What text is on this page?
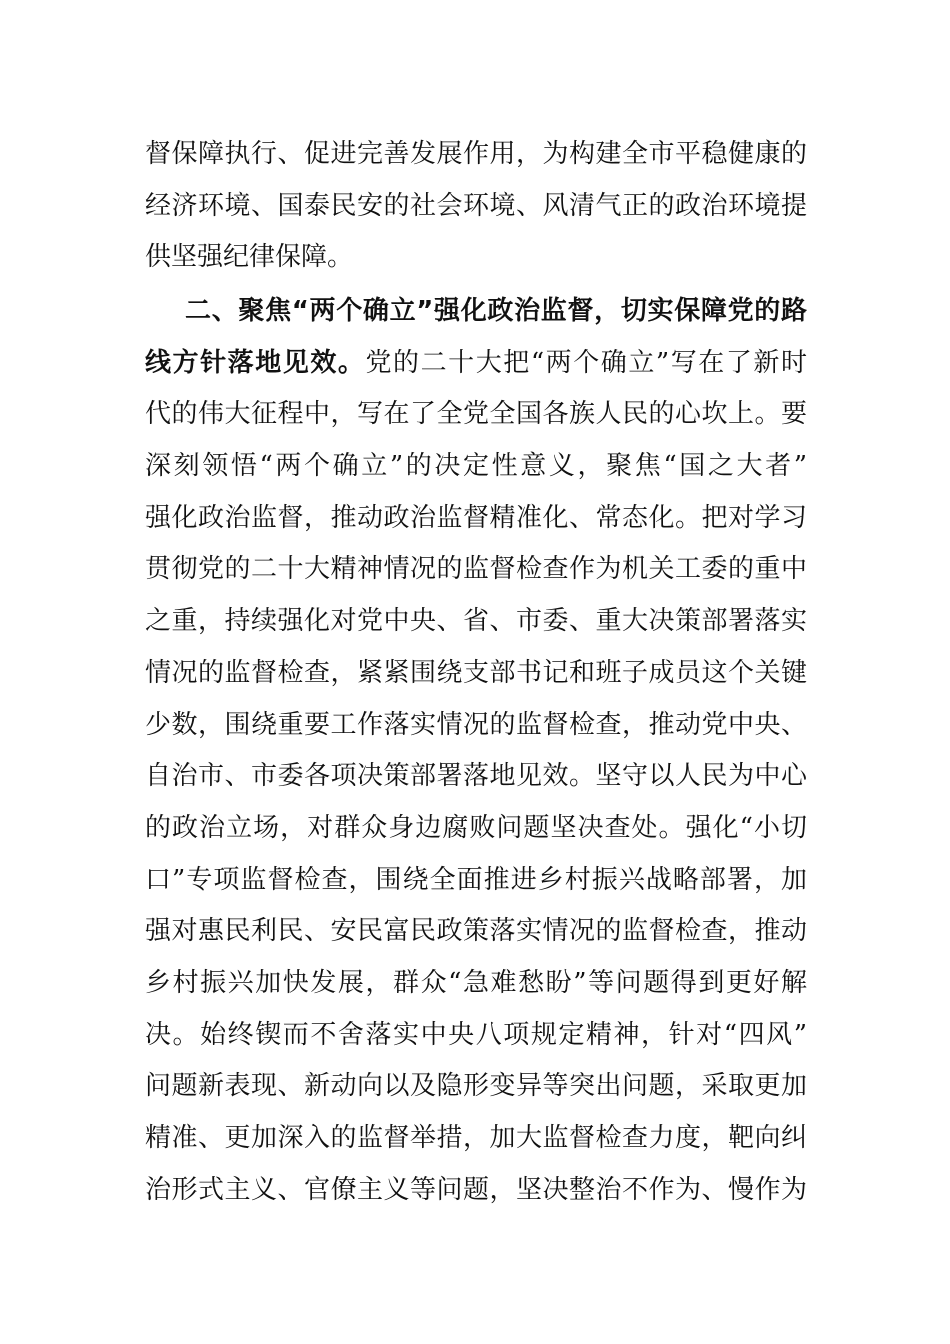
督保障执行、促进完善发展作用，为构建全市平稳健康的
经济环境、国泰民安的社会环境、风清气正的政治环境提
供坚强纪律保障。
二、聚焦“两个确立”强化政治监督，切实保障党的路
线方针落地见效。党的二十大把“两个确立”写在了新时
代的伟大征程中，写在了全党全国各族人民的心坎上。要
深刻领悟“两个确立”的决定性意义，聚焦“国之大者”
强化政治监督，推动政治监督精准化、常态化。把对学习
贯彻党的二十大精神情况的监督检查作为机关工委的重中
之重，持续强化对党中央、省、市委、重大决策部署落实
情况的监督检查，紧紧围绕支部书记和班子成员这个关键
少数，围绕重要工作落实情况的监督检查，推动党中央、
自治市、市委各项决策部署落地见效。坚守以人民为中心
的政治立场，对群众身边腐败问题坚决查处。强化“小切
口”专项监督检查，围绕全面推进乡村振兴战略部署，加
强对惠民利民、安民富民政策落实情况的监督检查，推动
乡村振兴加快发展，群众“急难愁盼”等问题得到更好解
决。始终锲而不舍落实中央八项规定精神，针对“四风”
问题新表现、新动向以及隐形变异等突出问题，采取更加
精准、更加深入的监督举措，加大监督检查力度，靶向纠
治形式主义、官僚主义等问题，坚决整治不作为、慢作为
